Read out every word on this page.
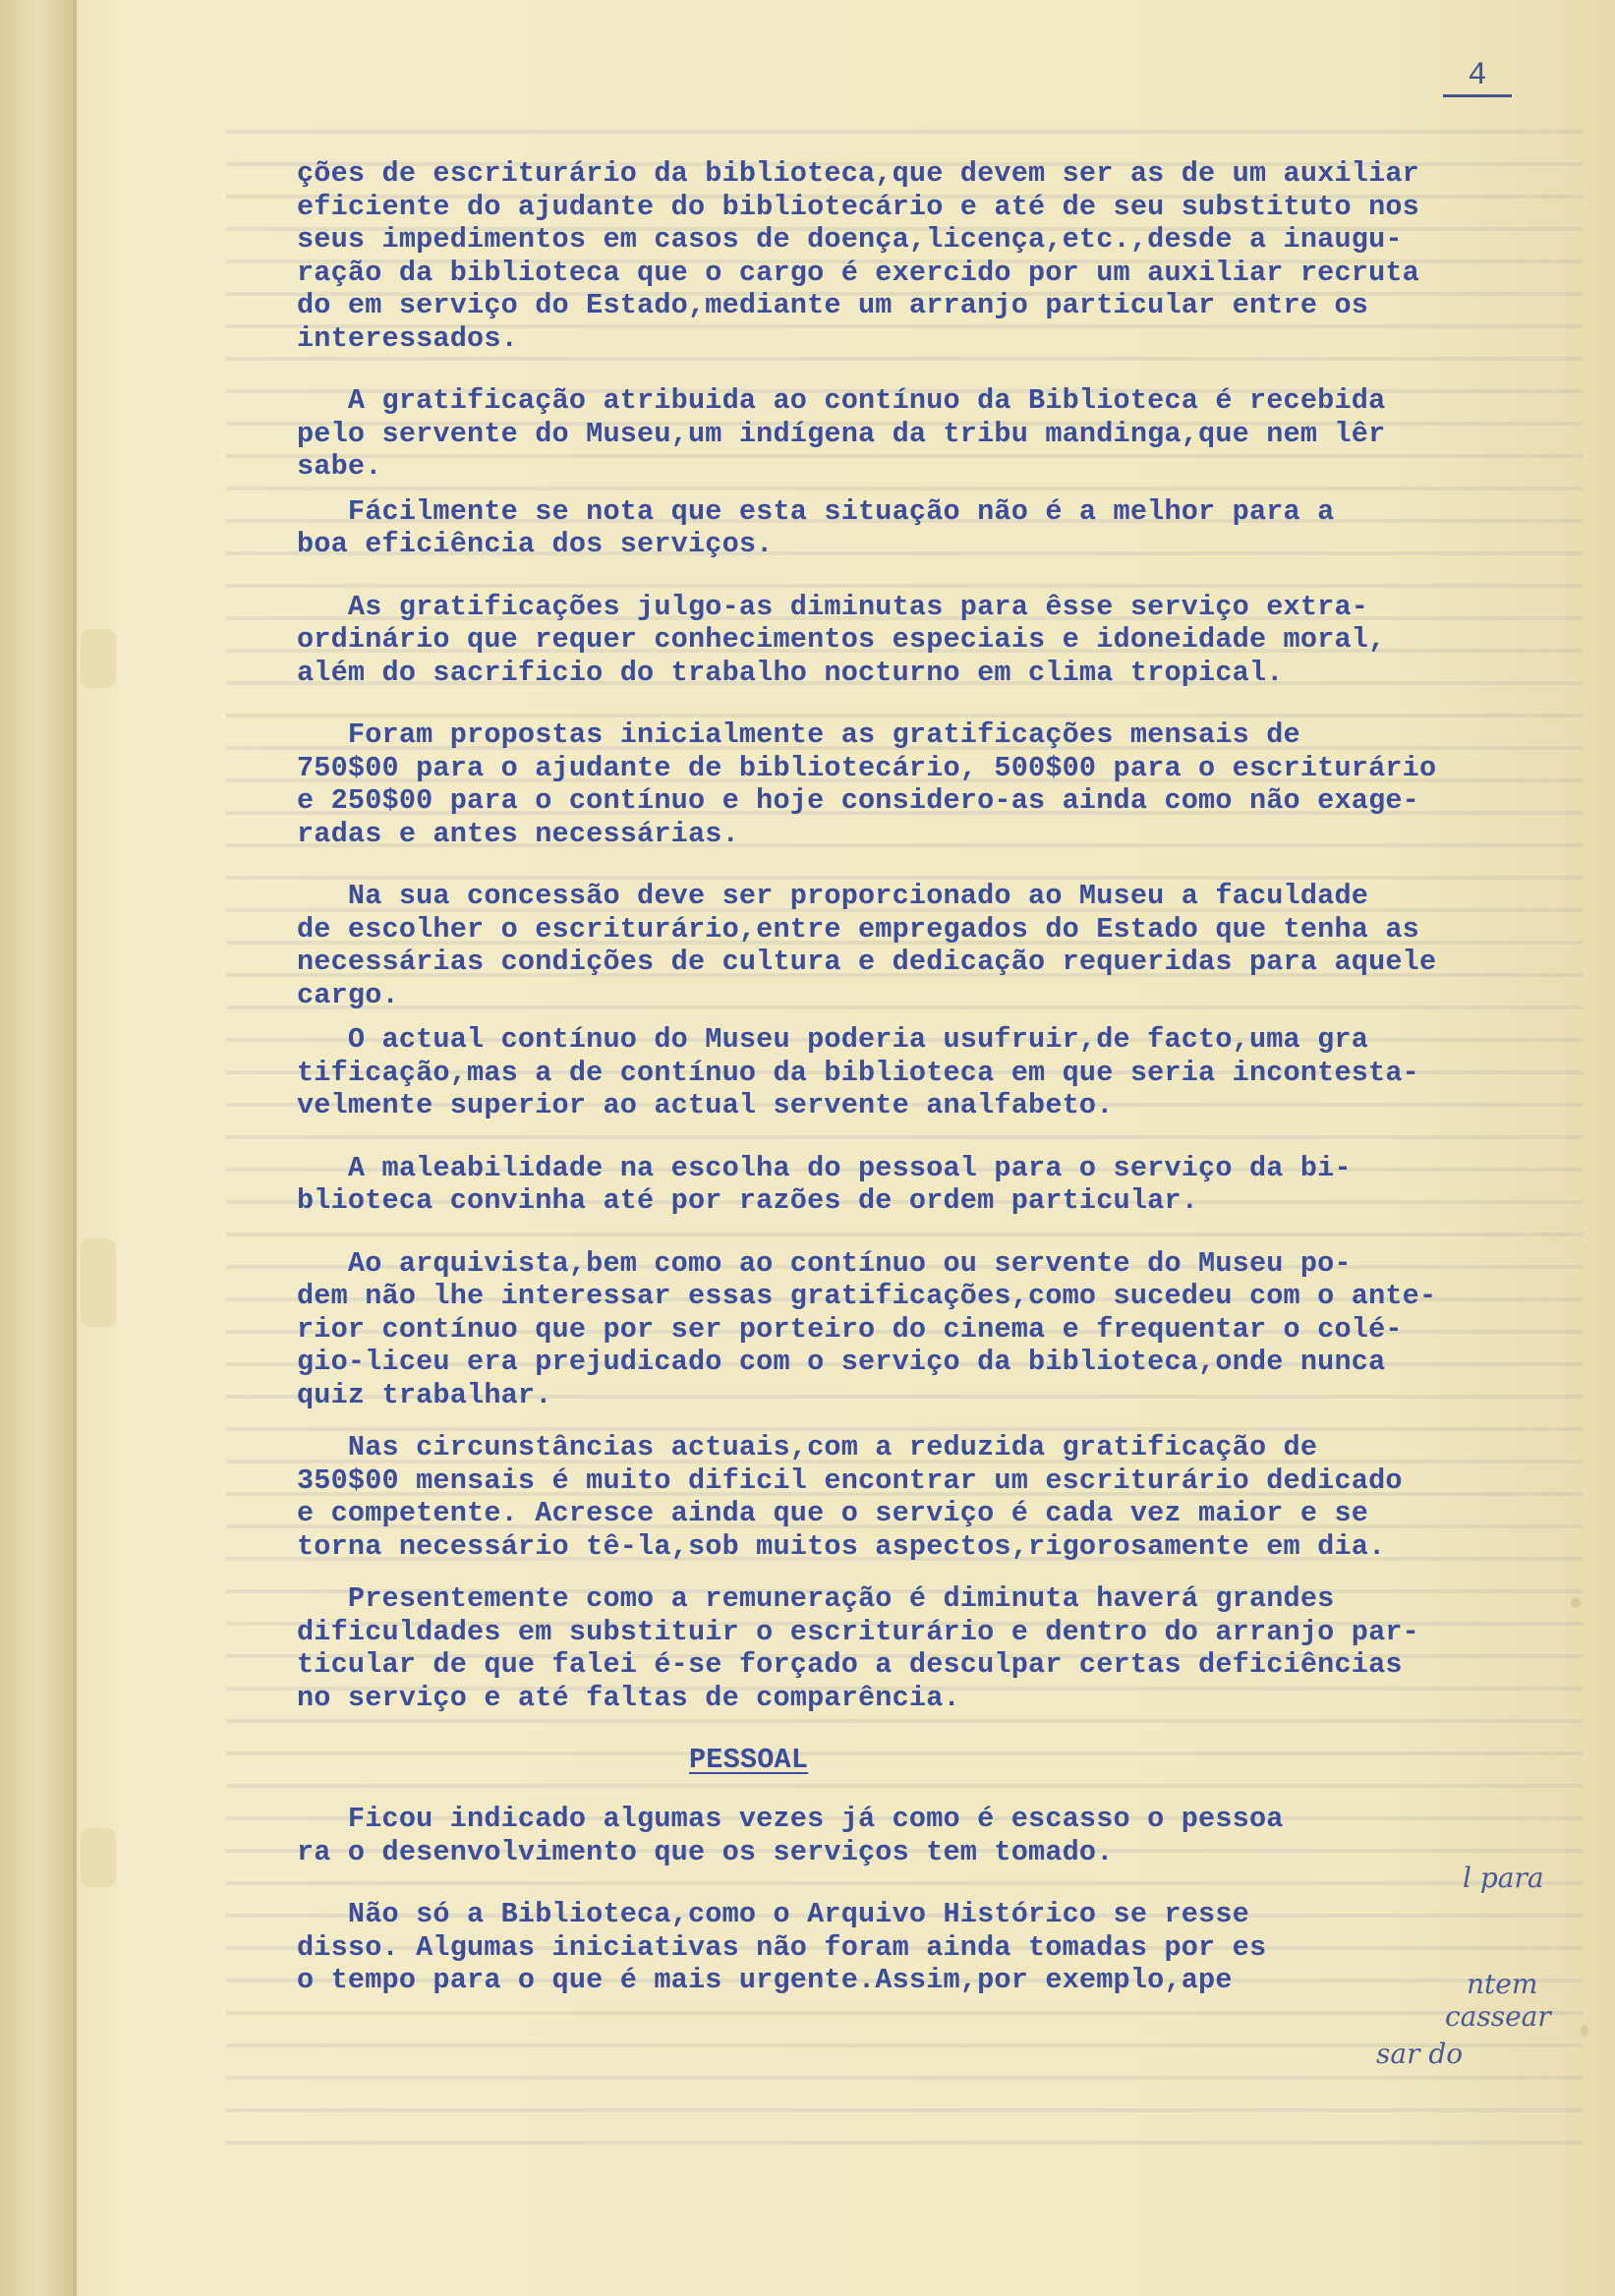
4
ções de escriturário da biblioteca,que devem ser as de um auxiliar
eficiente do ajudante do bibliotecário e até de seu substituto nos
seus impedimentos em casos de doença,licença,etc.,desde a inaugu-
ração da biblioteca que o cargo é exercido por um auxiliar recruta
do em serviço do Estado,mediante um arranjo particular entre os
interessados.
A gratificação atribuida ao contínuo da Biblioteca é recebida
pelo servente do Museu,um indígena da tribu mandinga,que nem lêr
sabe.
Fácilmente se nota que esta situação não é a melhor para a
boa eficiência dos serviços.
As gratificações julgo-as diminutas para êsse serviço extra-
ordinário que requer conhecimentos especiais e idoneidade moral,
além do sacrificio do trabalho nocturno em clima tropical.
Foram propostas inicialmente as gratificações mensais de
750$00 para o ajudante de bibliotecário, 500$00 para o escriturário
e 250$00 para o contínuo e hoje considero-as ainda como não exage-
radas e antes necessárias.
Na sua concessão deve ser proporcionado ao Museu a faculdade
de escolher o escriturário,entre empregados do Estado que tenha as
necessárias condições de cultura e dedicação requeridas para aquele
cargo.
O actual contínuo do Museu poderia usufruir,de facto,uma gra
tificação,mas a de contínuo da biblioteca em que seria incontesta-
velmente superior ao actual servente analfabeto.
A maleabilidade na escolha do pessoal para o serviço da bi-
blioteca convinha até por razões de ordem particular.
Ao arquivista,bem como ao contínuo ou servente do Museu po-
dem não lhe interessar essas gratificações,como sucedeu com o ante-
rior contínuo que por ser porteiro do cinema e frequentar o colé-
gio-liceu era prejudicado com o serviço da biblioteca,onde nunca
quiz trabalhar.
Nas circunstâncias actuais,com a reduzida gratificação de
350$00 mensais é muito dificil encontrar um escriturário dedicado
e competente. Acresce ainda que o serviço é cada vez maior e se
torna necessário tê-la,sob muitos aspectos,rigorosamente em dia.
Presentemente como a remuneração é diminuta haverá grandes
dificuldades em substituir o escriturário e dentro do arranjo par-
ticular de que falei é-se forçado a desculpar certas deficiências
no serviço e até faltas de comparência.
PESSOAL
Ficou indicado algumas vezes já como é escasso o pessoa
ra o desenvolvimento que os serviços tem tomado.
Não só a Biblioteca,como o Arquivo Histórico se resse
disso. Algumas iniciativas não foram ainda tomadas por es
o tempo para o que é mais urgente.Assim,por exemplo,ape
l para
ntem
cassear
sar do
